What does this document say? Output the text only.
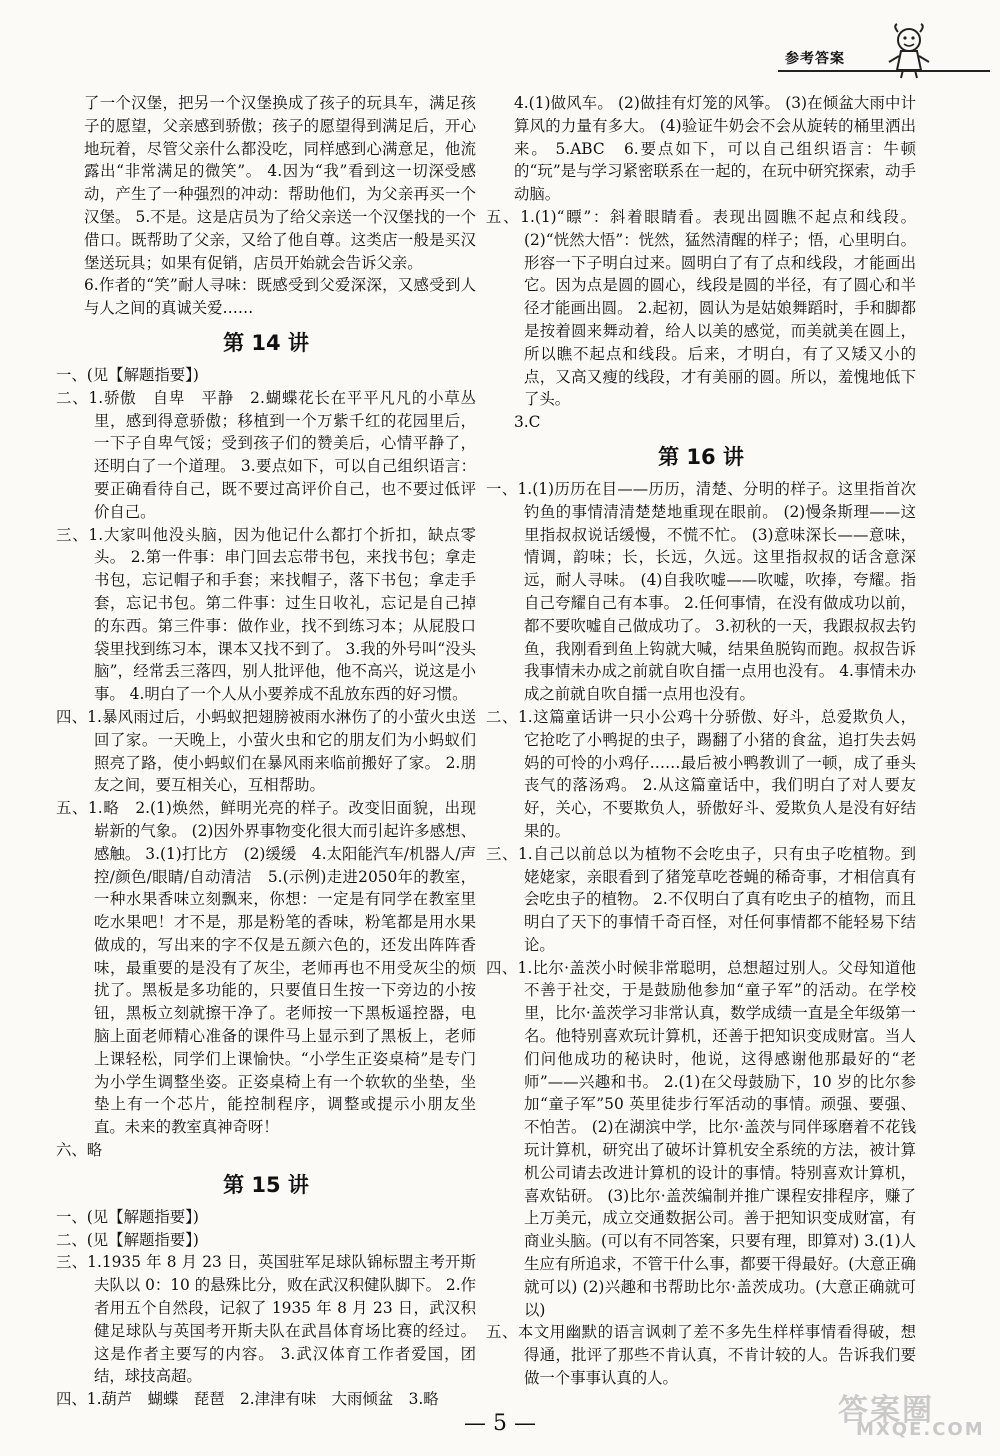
参考答案

了一个汉堡，把另一个汉堡换成了孩子的玩具车，满足孩子的愿望，父亲感到骄傲；孩子的愿望得到满足后，开心地玩着，尽管父亲什么都没吃，同样感到心满意足，他流露出“非常满足的微笑”。 4.因为“我”看到这一切深受感动，产生了一种强烈的冲动：帮助他们，为父亲再买一个汉堡。 5.不是。这是店员为了给父亲送一个汉堡找的一个借口。既帮助了父亲，又给了他自尊。这类店一般是买汉堡送玩具；如果有促销，店员开始就会告诉父亲。

6.作者的“笑”耐人寻味：既感受到父爱深深，又感受到人与人之间的真诚关爱……

第 14 讲

一、(见【解题指要】)

二、1.骄傲　自卑　平静　2.蝴蝶花长在平平凡凡的小草丛里，感到得意骄傲；移植到一个万紫千红的花园里后，一下子自卑气馁；受到孩子们的赞美后，心情平静了，还明白了一个道理。 3.要点如下，可以自己组织语言：要正确看待自己，既不要过高评价自己，也不要过低评价自己。

三、1.大家叫他没头脑，因为他记什么都打个折扣，缺点零头。 2.第一件事：串门回去忘带书包，来找书包；拿走书包，忘记帽子和手套；来找帽子，落下书包；拿走手套，忘记书包。第二件事：过生日收礼，忘记是自己掉的东西。第三件事：做作业，找不到练习本；从屁股口袋里找到练习本，课本又找不到了。 3.我的外号叫“没头脑”，经常丢三落四，别人批评他，他不高兴，说这是小事。 4.明白了一个人从小要养成不乱放东西的好习惯。

四、1.暴风雨过后，小蚂蚁把翅膀被雨水淋伤了的小萤火虫送回了家。一天晚上，小萤火虫和它的朋友们为小蚂蚁们照亮了路，使小蚂蚁们在暴风雨来临前搬好了家。 2.朋友之间，要互相关心，互相帮助。

五、1.略　2.(1)焕然，鲜明光亮的样子。改变旧面貌，出现崭新的气象。 (2)因外界事物变化很大而引起许多感想、感触。 3.(1)打比方　(2)缓缓　4.太阳能汽车/机器人/声控/颜色/眼睛/自动清洁　5.(示例)走进2050年的教室，一种水果香味立刻飘来，你想：一定是有同学在教室里吃水果吧！才不是，那是粉笔的香味，粉笔都是用水果做成的，写出来的字不仅是五颜六色的，还发出阵阵香味，最重要的是没有了灰尘，老师再也不用受灰尘的烦扰了。黑板是多功能的，只要值日生按一下旁边的小按钮，黑板立刻就擦干净了。老师按一下黑板遥控器，电脑上面老师精心准备的课件马上显示到了黑板上，老师上课轻松，同学们上课愉快。“小学生正姿桌椅”是专门为小学生调整坐姿。正姿桌椅上有一个软软的坐垫，坐垫上有一个芯片，能控制程序，调整或提示小朋友坐直。未来的教室真神奇呀！

六、略

第 15 讲

一、(见【解题指要】)

二、(见【解题指要】)

三、1.1935 年 8 月 23 日，英国驻军足球队锦标盟主考开斯夫队以 0：10 的悬殊比分，败在武汉积健队脚下。 2.作者用五个自然段，记叙了 1935 年 8 月 23 日，武汉积健足球队与英国考开斯夫队在武昌体育场比赛的经过。这是作者主要写的内容。 3.武汉体育工作者爱国，团结，球技高超。

四、1.葫芦　蝴蝶　琵琶　2.津津有味　大雨倾盆　3.略

4.(1)做风车。 (2)做挂有灯笼的风筝。 (3)在倾盆大雨中计算风的力量有多大。 (4)验证牛奶会不会从旋转的桶里洒出来。 5.ABC　6.要点如下，可以自己组织语言：牛顿的“玩”是与学习紧密联系在一起的，在玩中研究探索，动手动脑。

五、1.(1)“瞟”：斜着眼睛看。表现出圆瞧不起点和线段。 (2)“恍然大悟”：恍然，猛然清醒的样子；悟，心里明白。形容一下子明白过来。圆明白了有了点和线段，才能画出它。因为点是圆的圆心，线段是圆的半径，有了圆心和半径才能画出圆。 2.起初，圆认为是姑娘舞蹈时，手和脚都是按着圆来舞动着，给人以美的感觉，而美就美在圆上，所以瞧不起点和线段。后来，才明白，有了又矮又小的点，又高又瘦的线段，才有美丽的圆。所以，羞愧地低下了头。

3.C

第 16 讲

一、1.(1)历历在目——历历，清楚、分明的样子。这里指首次钓鱼的事情清清楚楚地重现在眼前。 (2)慢条斯理——这里指叔叔说话缓慢，不慌不忙。 (3)意味深长——意味，情调，韵味；长，长远，久远。这里指叔叔的话含意深远，耐人寻味。 (4)自我吹嘘——吹嘘，吹捧，夸耀。指自己夸耀自己有本事。 2.任何事情，在没有做成功以前，都不要吹嘘自己做成功了。 3.初秋的一天，我跟叔叔去钓鱼，我刚看到鱼上钩就大喊，结果鱼脱钩而跑。叔叔告诉我事情未办成之前就自吹自擂一点用也没有。 4.事情未办成之前就自吹自擂一点用也没有。

二、1.这篇童话讲一只小公鸡十分骄傲、好斗，总爱欺负人，它抢吃了小鸭捉的虫子，踢翻了小猪的食盆，追打失去妈妈的可怜的小鸡仔……最后被小鸭教训了一顿，成了垂头丧气的落汤鸡。 2.从这篇童话中，我们明白了对人要友好，关心，不要欺负人，骄傲好斗、爱欺负人是没有好结果的。

三、1.自己以前总以为植物不会吃虫子，只有虫子吃植物。到姥姥家，亲眼看到了猪笼草吃苍蝇的稀奇事，才相信真有会吃虫子的植物。 2.不仅明白了真有吃虫子的植物，而且明白了天下的事情千奇百怪，对任何事情都不能轻易下结论。

四、1.比尔·盖茨小时候非常聪明，总想超过别人。父母知道他不善于社交，于是鼓励他参加“童子军”的活动。在学校里，比尔·盖茨学习非常认真，数学成绩一直是全年级第一名。他特别喜欢玩计算机，还善于把知识变成财富。当人们问他成功的秘诀时，他说，这得感谢他那最好的“老师”——兴趣和书。 2.(1)在父母鼓励下，10 岁的比尔参加“童子军”50 英里徒步行军活动的事情。顽强、要强、不怕苦。 (2)在湖滨中学，比尔·盖茨与同伴琢磨着不花钱玩计算机，研究出了破坏计算机安全系统的方法，被计算机公司请去改进计算机的设计的事情。特别喜欢计算机，喜欢钻研。 (3)比尔·盖茨编制并推广课程安排程序，赚了上万美元，成立交通数据公司。善于把知识变成财富，有商业头脑。(可以有不同答案，只要有理，即算对) 3.(1)人生应有所追求，不管干什么事，都要干得最好。(大意正确就可以) (2)兴趣和书帮助比尔·盖茨成功。(大意正确就可以)

五、本文用幽默的语言讽刺了差不多先生样样事情看得破，想得通，批评了那些不肯认真，不肯计较的人。告诉我们要做一个事事认真的人。

— 5 —	答案圈
MXQE.COM
